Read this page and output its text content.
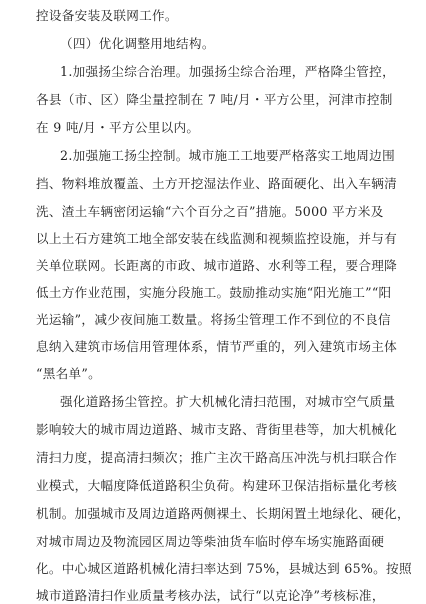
控设备安装及联网工作。
（四）优化调整用地结构。
1.加强扬尘综合治理。加强扬尘综合治理，严格降尘管控，
各县（市、区）降尘量控制在 7 吨/月・平方公里，河津市控制
在 9 吨/月・平方公里以内。
2.加强施工扬尘控制。城市施工工地要严格落实工地周边围
挡、物料堆放覆盖、土方开挖湿法作业、路面硬化、出入车辆清
洗、渣土车辆密闭运输“六个百分之百”措施。5000 平方米及
以上土石方建筑工地全部安装在线监测和视频监控设施，并与有
关单位联网。长距离的市政、城市道路、水利等工程，要合理降
低土方作业范围，实施分段施工。鼓励推动实施“阳光施工”“阳
光运输”，减少夜间施工数量。将扬尘管理工作不到位的不良信
息纳入建筑市场信用管理体系，情节严重的，列入建筑市场主体
“黑名单”。
强化道路扬尘管控。扩大机械化清扫范围，对城市空气质量
影响较大的城市周边道路、城市支路、背街里巷等，加大机械化
清扫力度，提高清扫频次；推广主次干路高压冲洗与机扫联合作
业模式，大幅度降低道路积尘负荷。构建环卫保洁指标量化考核
机制。加强城市及周边道路两侧裸土、长期闲置土地绿化、硬化，
对城市周边及物流园区周边等柴油货车临时停车场实施路面硬
化。中心城区道路机械化清扫率达到 75%，县城达到 65%。按照
城市道路清扫作业质量考核办法，试行“以克论净”考核标准，
